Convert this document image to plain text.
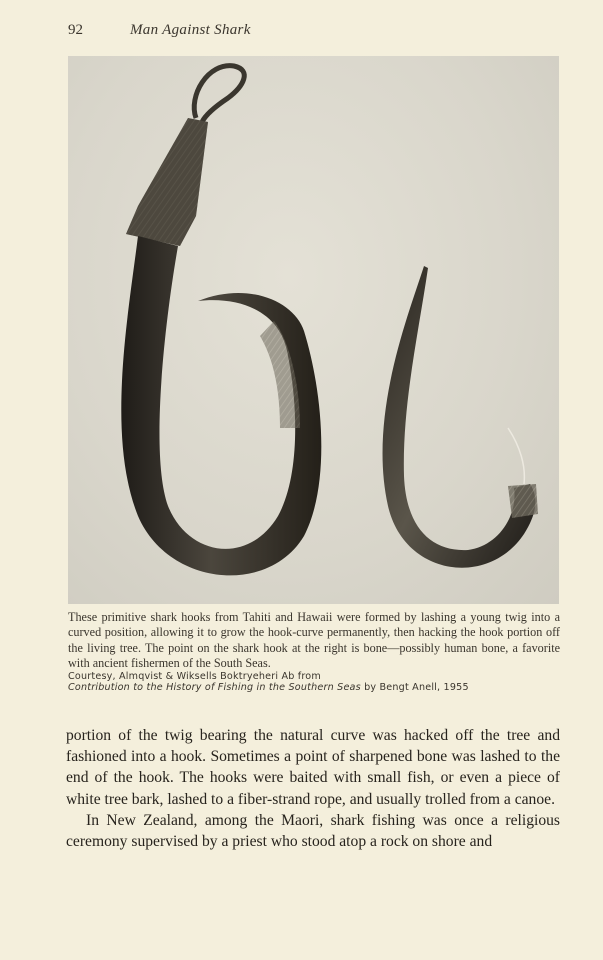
92	Man Against Shark

These primitive shark hooks from Tahiti and Hawaii were formed by lashing a young twig into a curved position, allowing it to grow the hook-curve permanently, then hacking the hook portion off the living tree. The point on the shark hook at the right is bone—possibly human bone, a favorite with ancient fishermen of the South Seas.

Courtesy, Almqvist & Wiksells Boktryeheri Ab from
Contribution to the History of Fishing in the Southern Seas by Bengt Anell, 1955

portion of the twig bearing the natural curve was hacked off the tree and fashioned into a hook. Sometimes a point of sharpened bone was lashed to the end of the hook. The hooks were baited with small fish, or even a piece of white tree bark, lashed to a fiber-strand rope, and usually trolled from a canoe.

In New Zealand, among the Maori, shark fishing was once a religious ceremony supervised by a priest who stood atop a rock on shore and
